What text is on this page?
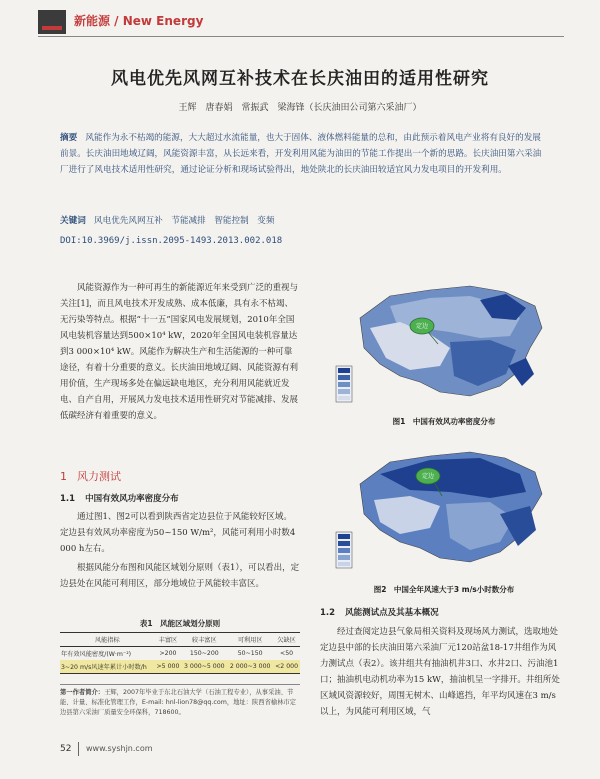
新能源 / New Energy
风电优先风网互补技术在长庆油田的适用性研究
王辉　唐春娟　常振武　梁海锋（长庆油田公司第六采油厂）
摘要 风能作为永不枯竭的能源，大大超过水流能量，也大于固体、液体燃料能量的总和，由此预示着风电产业将有良好的发展前景。长庆油田地域辽阔，风能资源丰富，从长远来看，开发利用风能为油田的节能工作提出一个新的思路。长庆油田第六采油厂进行了风电技术适用性研究，通过论证分析和现场试验得出，地处陕北的长庆油田较适宜风力发电项目的开发利用。
关键词 风电优先风网互补　节能减排　智能控制　变频
DOI:10.3969/j.issn.2095-1493.2013.002.018
风能资源作为一种可再生的新能源近年来受到广泛的重视与关注[1]，而且风电技术开发成熟、成本低廉，具有永不枯竭、无污染等特点。根据“十一五”国家风电发展规划，2010年全国风电装机容量达到500×10⁴ kW，2020年全国风电装机容量达到3 000×10⁴ kW。风能作为解决生产和生活能源的一种可靠途径，有着十分重要的意义。长庆油田地域辽阔、风能资源有利用价值，生产现场多处在偏远缺电地区，充分利用风能就近发电、自产自用，开展风力发电技术适用性研究对节能减排、发展低碳经济有着重要的意义。
1 风力测试
1.1 中国有效风功率密度分布
通过图1、图2可以看到陕西省定边县位于风能较好区域。定边县有效风功率密度为50~150 W/m²，风能可利用小时数4 000 h左右。
根据风能分布图和风能区域划分原则（表1），可以看出，定边县处在风能可利用区，部分地域位于风能较丰富区。
表1　风能区域划分原则
风能指标	丰富区	较丰富区	可利用区	欠缺区
年有效风能密度/(W·m⁻²)	>200	150~200	50~150	<50
3~20 m/s风速年累计小时数/h	>5 000	3 000~5 000	2 000~3 000	<2 000
第一作者简介：王辉，2007年毕业于东北石油大学（石油工程专业），从事采油、节能、计量、标准化管理工作，E-mail: hnl-lion78@qq.com，地址：陕西省榆林市定边县第六采油厂质量安全环保科，718600。
定边
图1　中国有效风功率密度分布
定边
图2　中国全年风速大于3 m/s小时数分布
1.2 风能测试点及其基本概况
经过查阅定边县气象局相关资料及现场风力测试，选取地处定边县中部的长庆油田第六采油厂元120站盆18-17井组作为风力测试点（表2）。该井组共有抽油机井3口、水井2口、污油池1口；抽油机电动机功率为15 kW，抽油机呈一字排开。井组所处区域风资源较好，周围无树木、山峰遮挡，年平均风速在3 m/s以上，为风能可利用区域，气
52 www.syshjn.com
